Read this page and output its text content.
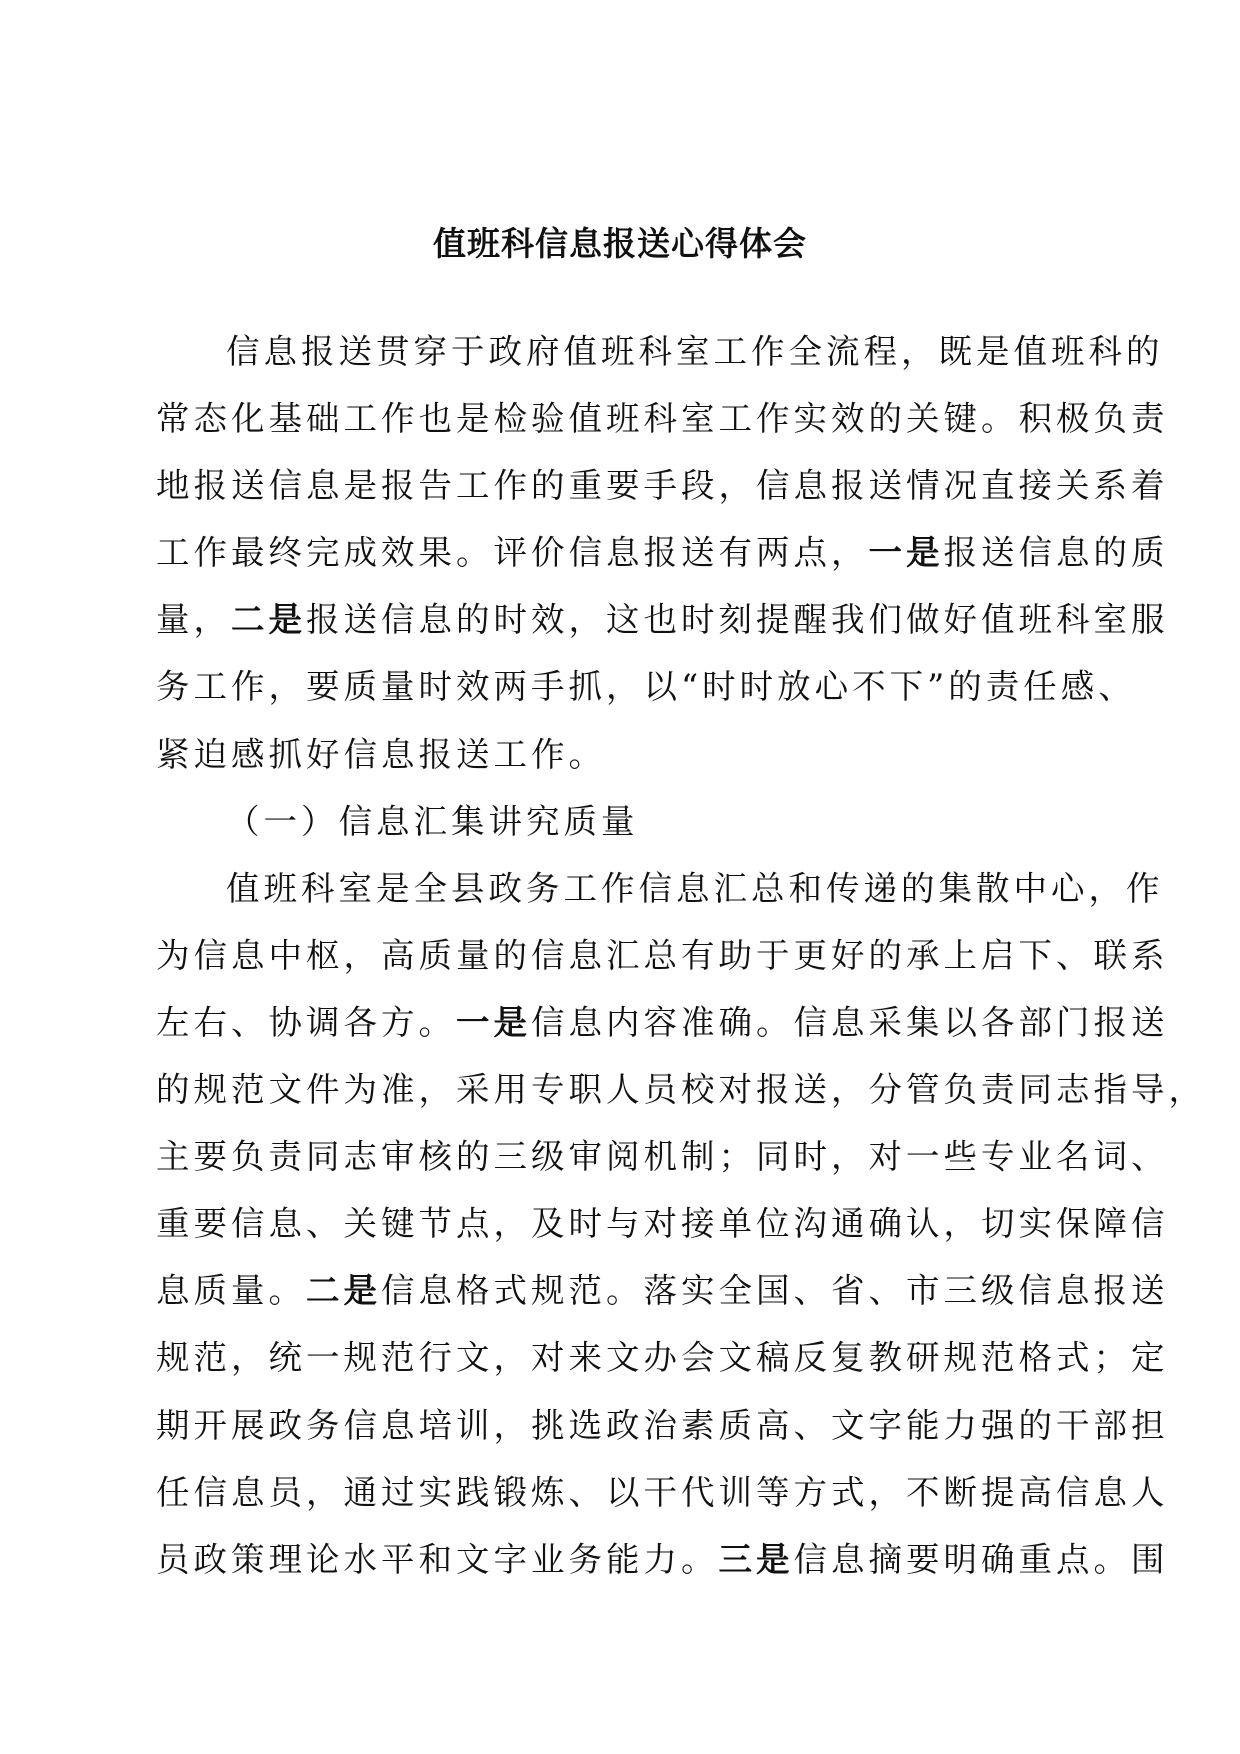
值班科信息报送心得体会
信息报送贯穿于政府值班科室工作全流程，既是值班科的
常态化基础工作也是检验值班科室工作实效的关键。积极负责
地报送信息是报告工作的重要手段，信息报送情况直接关系着
工作最终完成效果。评价信息报送有两点，一是报送信息的质
量，二是报送信息的时效，这也时刻提醒我们做好值班科室服
务工作，要质量时效两手抓，以“时时放心不下”的责任感、
紧迫感抓好信息报送工作。
（一）信息汇集讲究质量
值班科室是全县政务工作信息汇总和传递的集散中心，作
为信息中枢，高质量的信息汇总有助于更好的承上启下、联系
左右、协调各方。一是信息内容准确。信息采集以各部门报送
的规范文件为准，采用专职人员校对报送，分管负责同志指导，
主要负责同志审核的三级审阅机制；同时，对一些专业名词、
重要信息、关键节点，及时与对接单位沟通确认，切实保障信
息质量。二是信息格式规范。落实全国、省、市三级信息报送
规范，统一规范行文，对来文办会文稿反复教研规范格式；定
期开展政务信息培训，挑选政治素质高、文字能力强的干部担
任信息员，通过实践锻炼、以干代训等方式，不断提高信息人
员政策理论水平和文字业务能力。三是信息摘要明确重点。围
